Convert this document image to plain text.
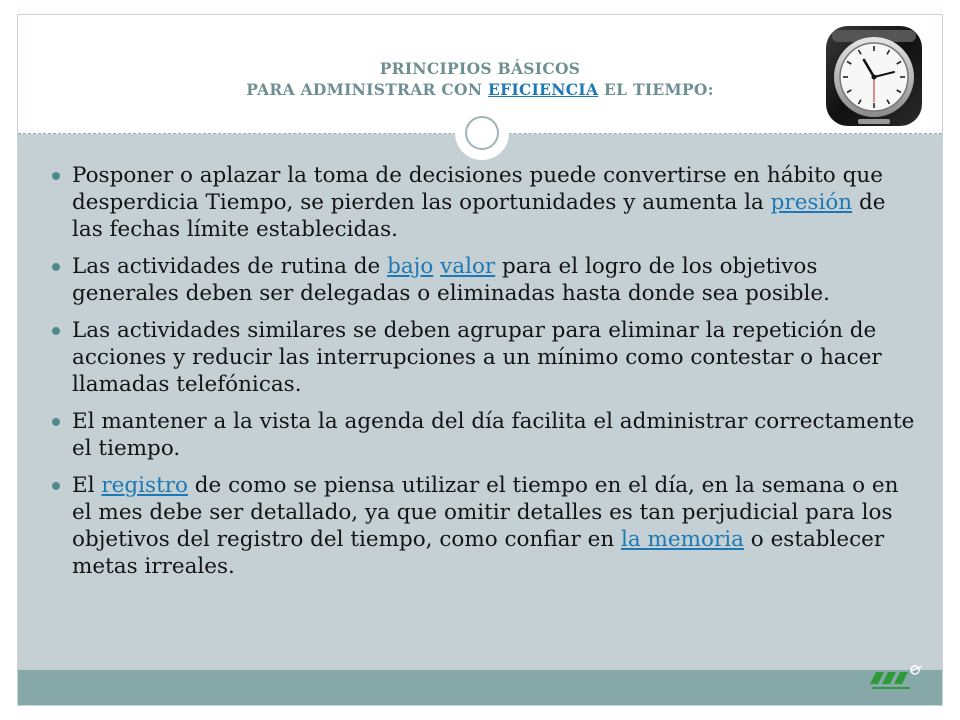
PRINCIPIOS BÁSICOS
PARA ADMINISTRAR CON EFICIENCIA EL TIEMPO:
Posponer o aplazar la toma de decisiones puede convertirse en hábito que desperdicia Tiempo, se pierden las oportunidades y aumenta la presión de las fechas límite establecidas.
Las actividades de rutina de bajo valor para el logro de los objetivos generales deben ser delegadas o eliminadas hasta donde sea posible.
Las actividades similares se deben agrupar para eliminar la repetición de acciones y reducir las interrupciones a un mínimo como contestar o hacer llamadas telefónicas.
El mantener a la vista la agenda del día facilita el administrar correctamente el tiempo.
El registro de como se piensa utilizar el tiempo en el día, en la semana o en el mes debe ser detallado, ya que omitir detalles es tan perjudicial para los objetivos del registro del tiempo, como confiar en la memoria o establecer metas irreales.
